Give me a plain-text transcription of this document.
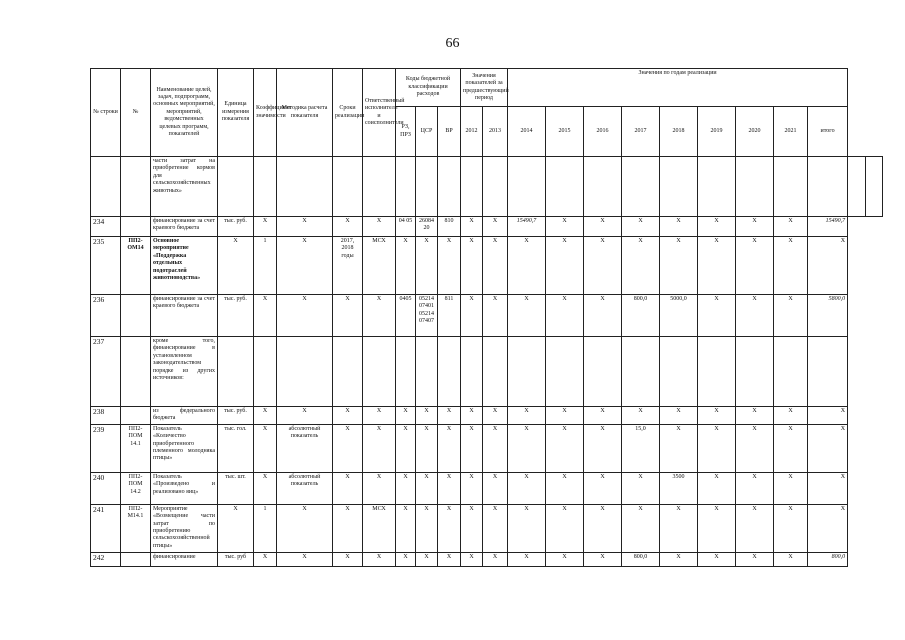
66
№ строки	№	Наименование целей, задач, подпрограмм, основных мероприятий, мероприятий, ведомственных целевых программ, показателей	Единица измерения показателя	Коэффициент значимости	Методика расчета показателя	Сроки реализации	Ответственный исполнитель и соисполнители	Коды бюджетной классификации расходов			Значения показателей за предшествующий период		Значения по годам реализации										
								РЗ, ПРЗ	ЦСР	ВР	2012	2013	2014	2015	2016	2017	2018	2019	2020	2021	итого		
		части затрат на приобретение кормов для сельскохозяйственных животных»																					
234		финансирование за счет краевого бюджета	тыс. руб.	X	X	X	X	04 05	26084 20	810	X	X	15490,7	X	X	X	X	X	X	X	15490,7		
235	ПП2-ОМ14	Основное мероприятие «Поддержка отдельных подотраслей животноводства»	X	1	X	2017, 2018 годы	МСХ	X	X	X	X	X	X	X	X	X	X	X	X	X	X		
236		финансирование за счет краевого бюджета	тыс. руб.	X	X	X	X	0405	05214 07401 05214 07407	811	X	X	X	X	X	800,0	5000,0	X	X	X	5800,0		
237		кроме того, финансирование в установленном законодательством порядке из других источников:																					
238		из федерального бюджета	тыс. руб.	X	X	X	X	X	X	X	X	X	X	X	X	X	X	X	X	X	X		
239	ПП2-ПОМ 14.1	Показатель «Количество приобретенного племенного молодняка птицы»	тыс. гол.	X	абсолютный показатель	X	X	X	X	X	X	X	X	X	X	15,0	X	X	X	X	X		
240	ПП2-ПОМ 14.2	Показатель «Произведено и реализовано яиц»	тыс. шт.	X	абсолютный показатель	X	X	X	X	X	X	X	X	X	X	X	3500	X	X	X	X		
241	ПП2-М14.1	Мероприятие «Возмещение части затрат по приобретению сельскохозяйственной птицы»	X	1	X	X	МСХ	X	X	X	X	X	X	X	X	X	X	X	X	X	X		
242		финансирование	тыс. руб	X	X	X	X	X	X	X	X	X	X	X	X	800,0	X	X	X	X	800,0		
